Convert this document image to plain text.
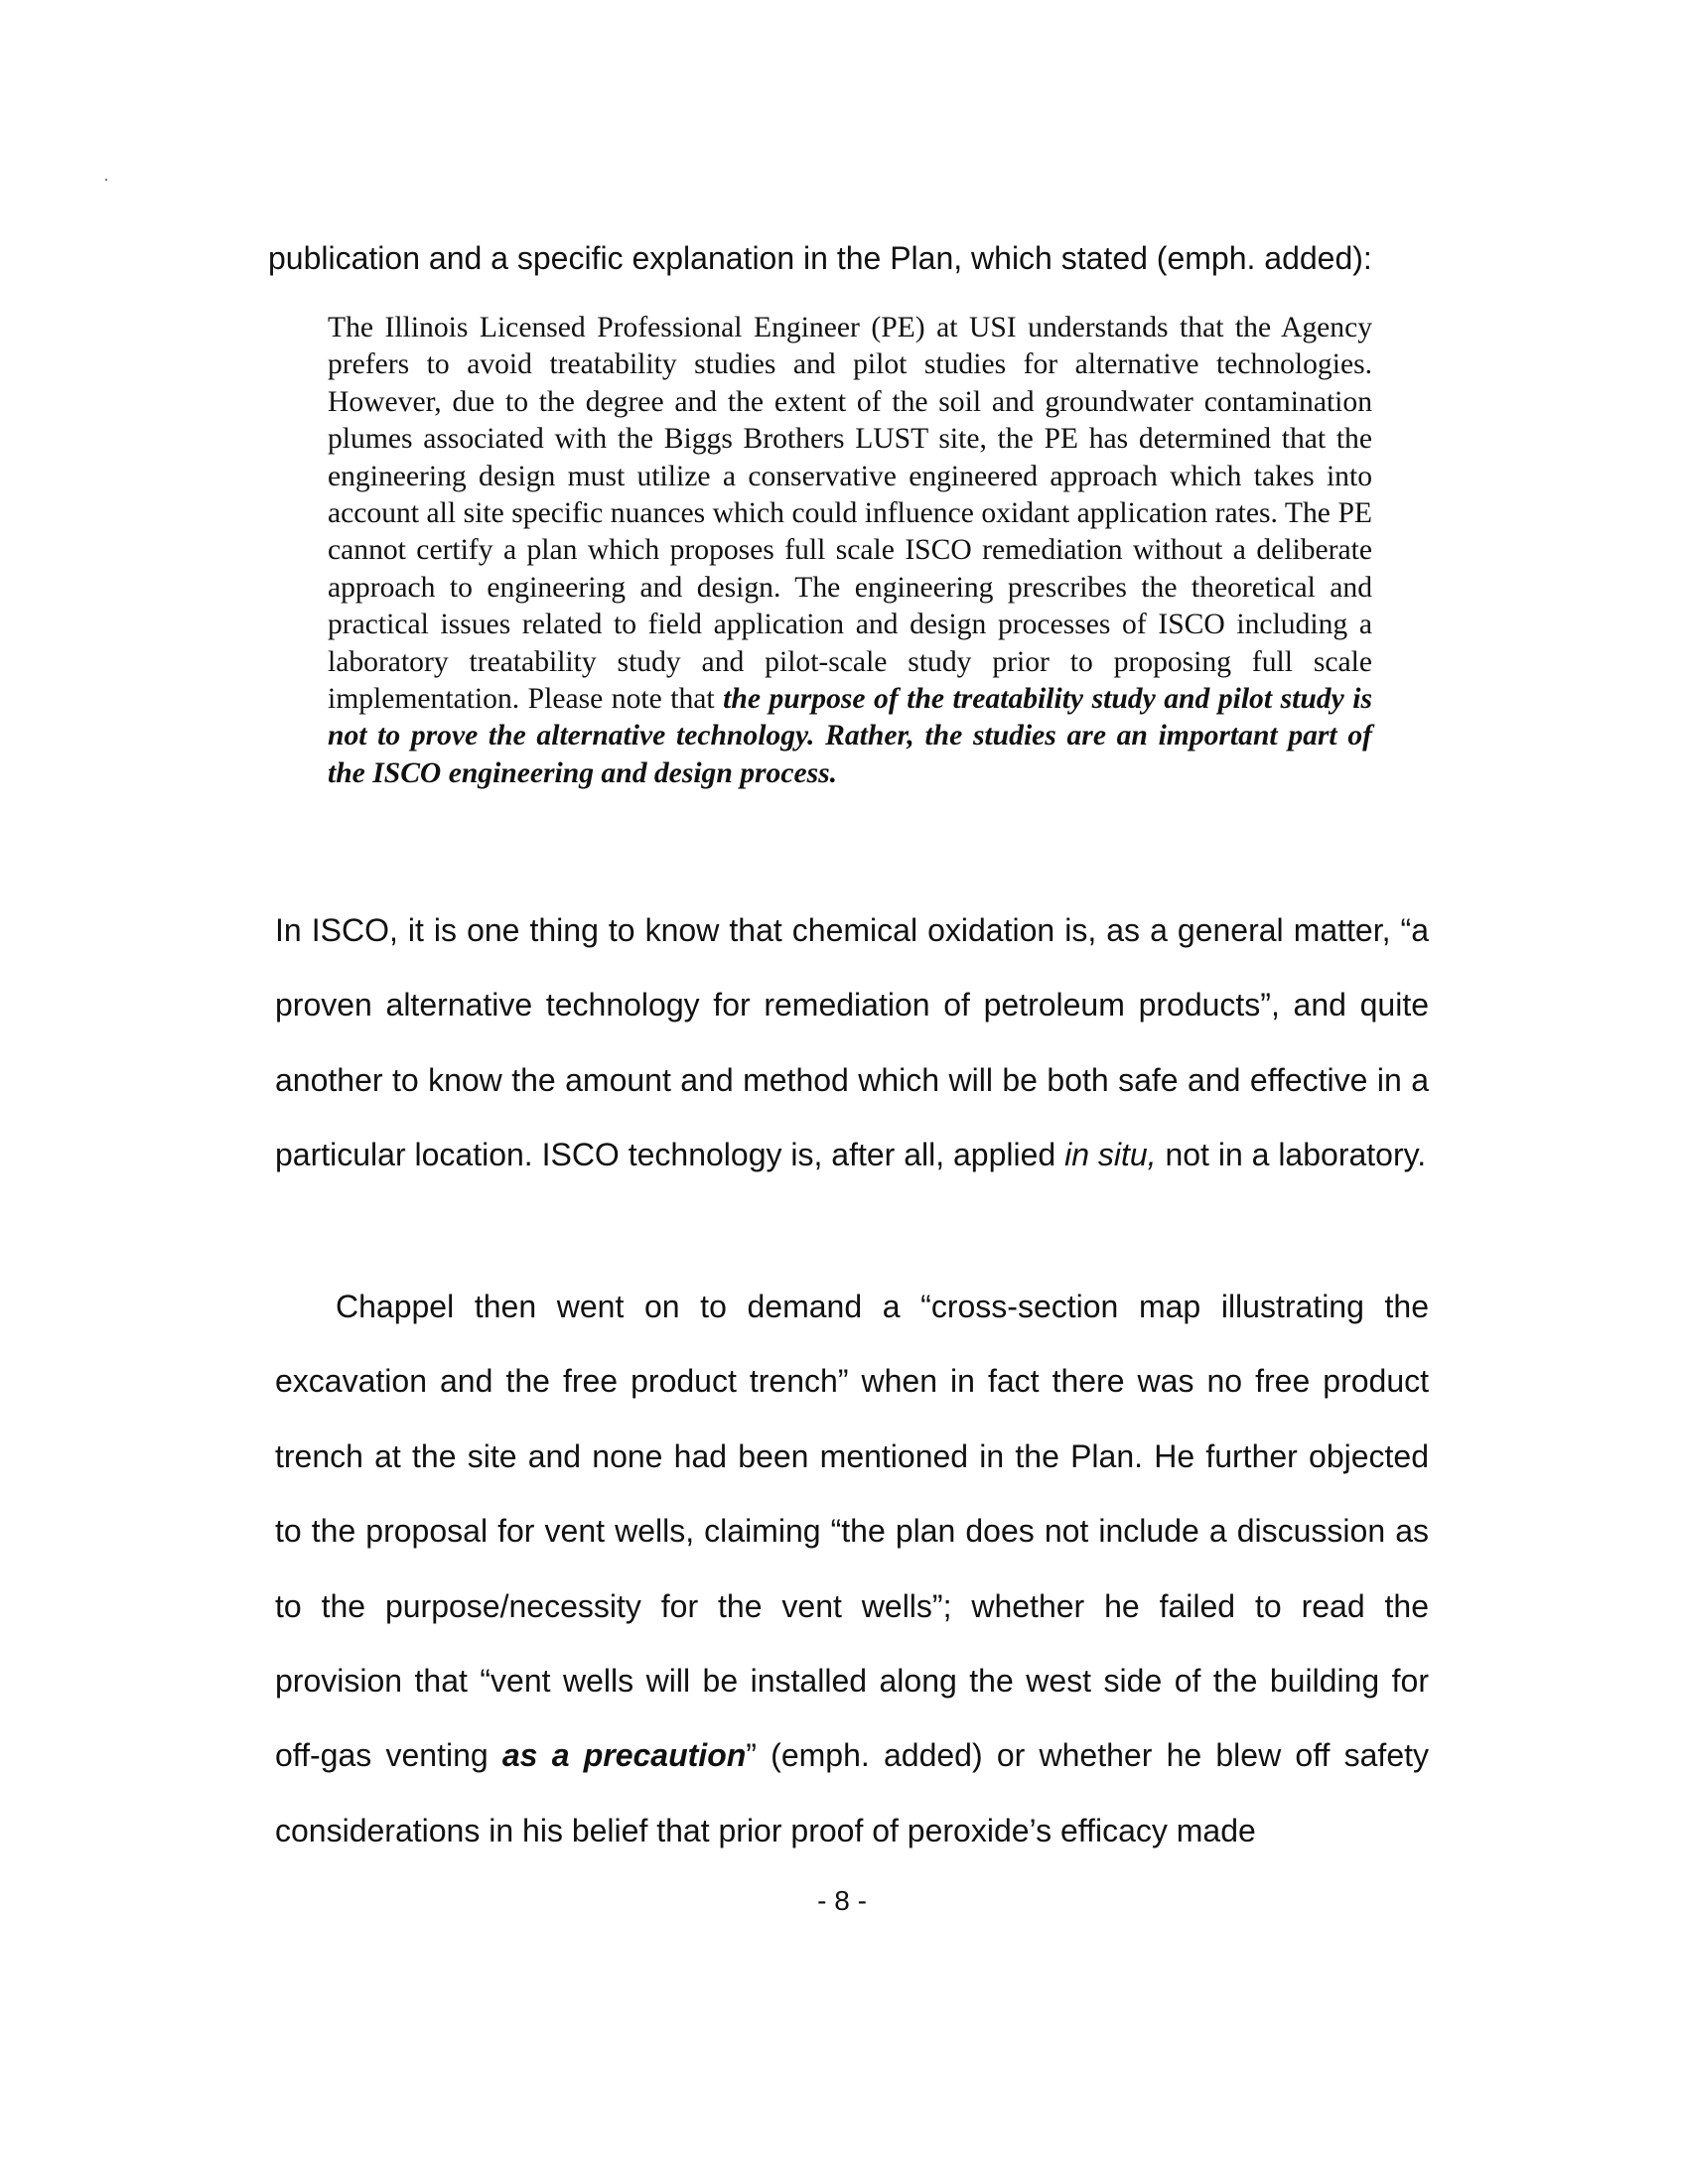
publication and a specific explanation in the Plan, which stated (emph. added):
The Illinois Licensed Professional Engineer (PE) at USI understands that the Agency prefers to avoid treatability studies and pilot studies for alternative technologies. However, due to the degree and the extent of the soil and groundwater contamination plumes associated with the Biggs Brothers LUST site, the PE has determined that the engineering design must utilize a conservative engineered approach which takes into account all site specific nuances which could influence oxidant application rates. The PE cannot certify a plan which proposes full scale ISCO remediation without a deliberate approach to engineering and design. The engineering prescribes the theoretical and practical issues related to field application and design processes of ISCO including a laboratory treatability study and pilot-scale study prior to proposing full scale implementation. Please note that the purpose of the treatability study and pilot study is not to prove the alternative technology. Rather, the studies are an important part of the ISCO engineering and design process.

In ISCO, it is one thing to know that chemical oxidation is, as a general matter, “a proven alternative technology for remediation of petroleum products”, and quite another to know the amount and method which will be both safe and effective in a particular location. ISCO technology is, after all, applied in situ, not in a laboratory.

Chappel then went on to demand a “cross-section map illustrating the excavation and the free product trench” when in fact there was no free product trench at the site and none had been mentioned in the Plan. He further objected to the proposal for vent wells, claiming “the plan does not include a discussion as to the purpose/necessity for the vent wells”; whether he failed to read the provision that “vent wells will be installed along the west side of the building for off-gas venting as a precaution” (emph. added) or whether he blew off safety considerations in his belief that prior proof of peroxide’s efficacy made

- 8 -
